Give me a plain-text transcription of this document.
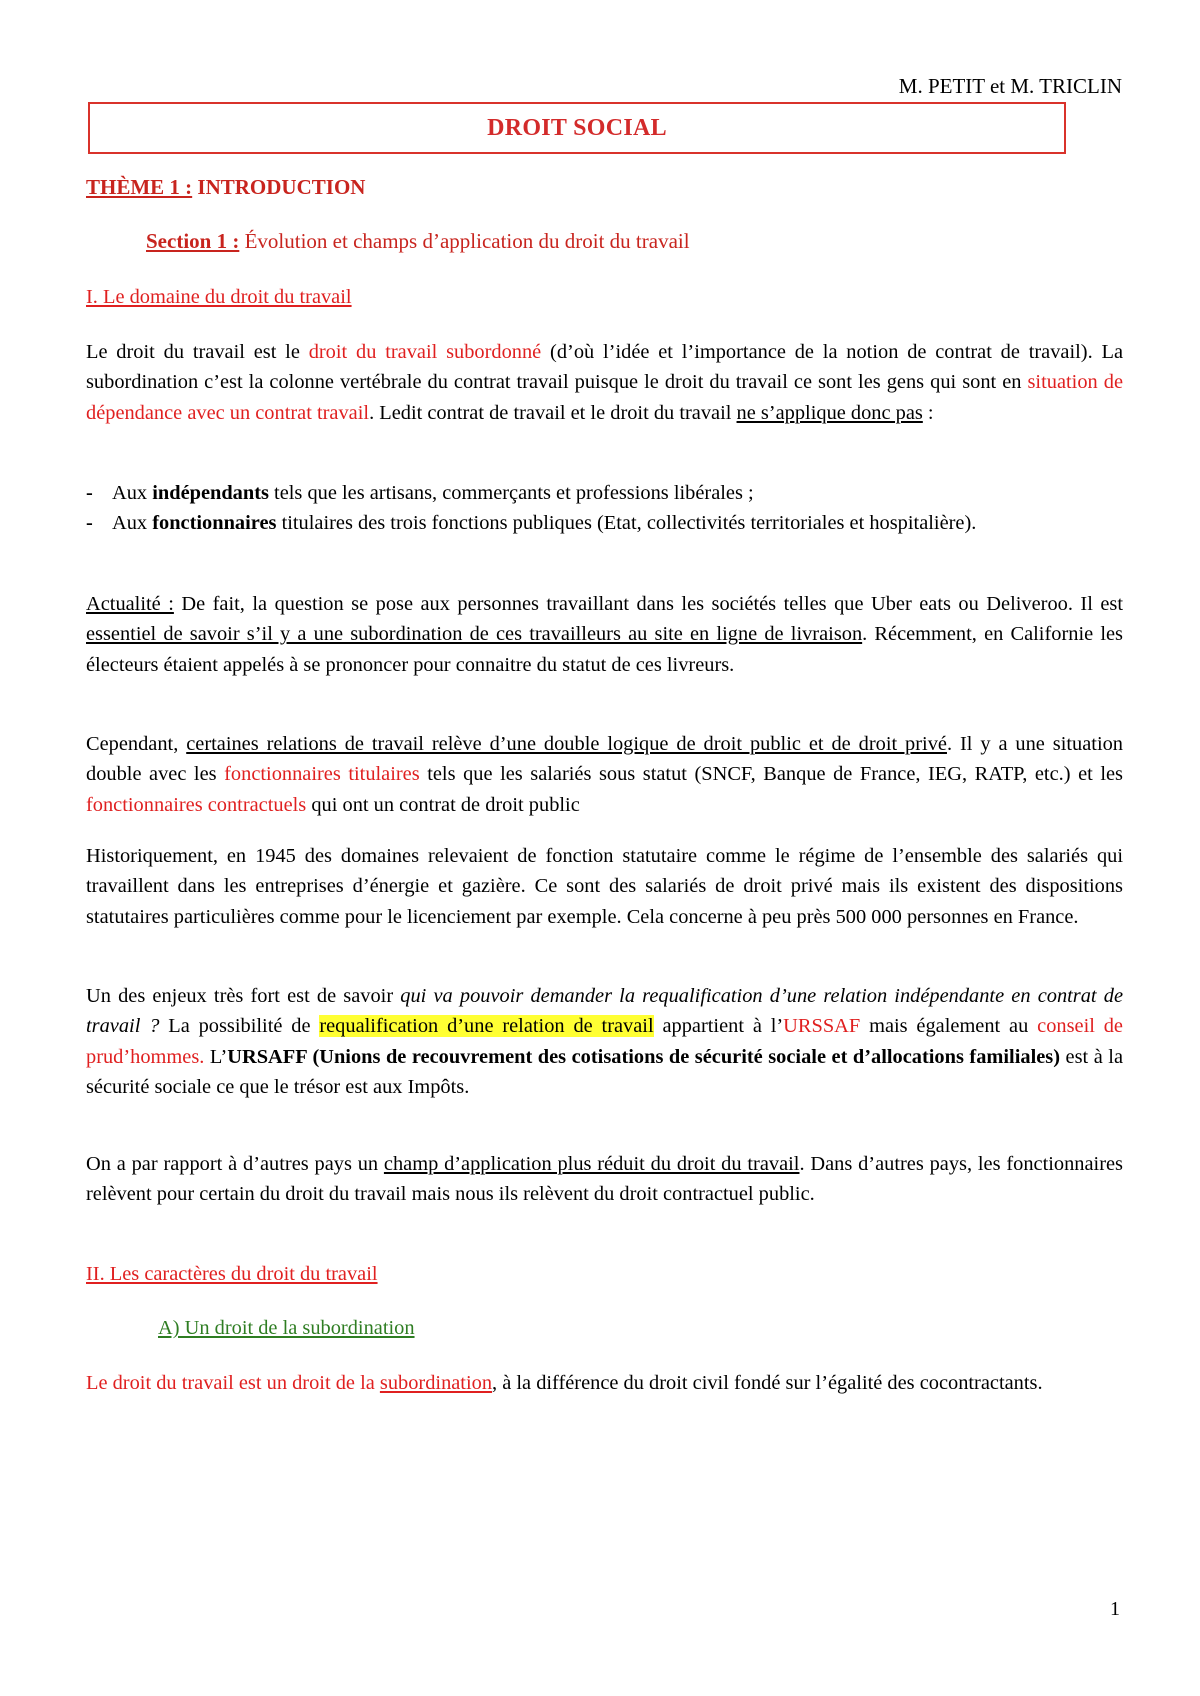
M. PETIT et M. TRICLIN
DROIT SOCIAL
THÈME 1 : INTRODUCTION
Section 1 : Évolution et champs d’application du droit du travail
I. Le domaine du droit du travail

Le droit du travail est le droit du travail subordonné (d’où l’idée et l’importance de la notion de contrat de travail). La subordination c’est la colonne vertébrale du contrat travail puisque le droit du travail ce sont les gens qui sont en situation de dépendance avec un contrat travail. Ledit contrat de travail et le droit du travail ne s’applique donc pas :

- Aux indépendants tels que les artisans, commerçants et professions libérales ;
- Aux fonctionnaires titulaires des trois fonctions publiques (Etat, collectivités territoriales et hospitalière).

Actualité : De fait, la question se pose aux personnes travaillant dans les sociétés telles que Uber eats ou Deliveroo. Il est essentiel de savoir s’il y a une subordination de ces travailleurs au site en ligne de livraison. Récemment, en Californie les électeurs étaient appelés à se prononcer pour connaitre du statut de ces livreurs.

Cependant, certaines relations de travail relève d’une double logique de droit public et de droit privé. Il y a une situation double avec les fonctionnaires titulaires tels que les salariés sous statut (SNCF, Banque de France, IEG, RATP, etc.) et les fonctionnaires contractuels qui ont un contrat de droit public

Historiquement, en 1945 des domaines relevaient de fonction statutaire comme le régime de l’ensemble des salariés qui travaillent dans les entreprises d’énergie et gazière. Ce sont des salariés de droit privé mais ils existent des dispositions statutaires particulières comme pour le licenciement par exemple. Cela concerne à peu près 500 000 personnes en France.

Un des enjeux très fort est de savoir qui va pouvoir demander la requalification d’une relation indépendante en contrat de travail ? La possibilité de requalification d’une relation de travail appartient à l’URSSAF mais également au conseil de prud’hommes. L’URSAFF (Unions de recouvrement des cotisations de sécurité sociale et d’allocations familiales) est à la sécurité sociale ce que le trésor est aux Impôts.

On a par rapport à d’autres pays un champ d’application plus réduit du droit du travail. Dans d’autres pays, les fonctionnaires relèvent pour certain du droit du travail mais nous ils relèvent du droit contractuel public.

II. Les caractères du droit du travail
A) Un droit de la subordination

Le droit du travail est un droit de la subordination, à la différence du droit civil fondé sur l’égalité des cocontractants.

1
